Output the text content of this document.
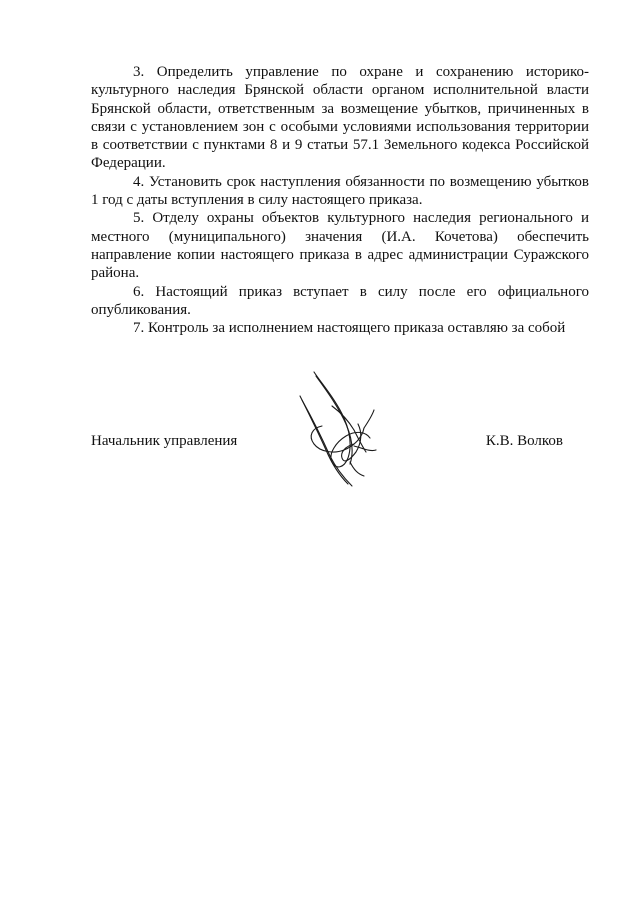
3. Определить управление по охране и сохранению историко-культурного наследия Брянской области органом исполнительной власти Брянской области, ответственным за возмещение убытков, причиненных в связи с установлением зон с особыми условиями использования территории в соответствии с пунктами 8 и 9 статьи 57.1 Земельного кодекса Российской Федерации.

4. Установить срок наступления обязанности по возмещению убытков 1 год с даты вступления в силу настоящего приказа.

5. Отделу охраны объектов культурного наследия регионального и местного (муниципального) значения (И.А. Кочетова) обеспечить направление копии настоящего приказа в адрес администрации Суражского района.

6. Настоящий приказ вступает в силу после его официального опубликования.

7. Контроль за исполнением настоящего приказа оставляю за собой

Начальник управления	К.В. Волков
